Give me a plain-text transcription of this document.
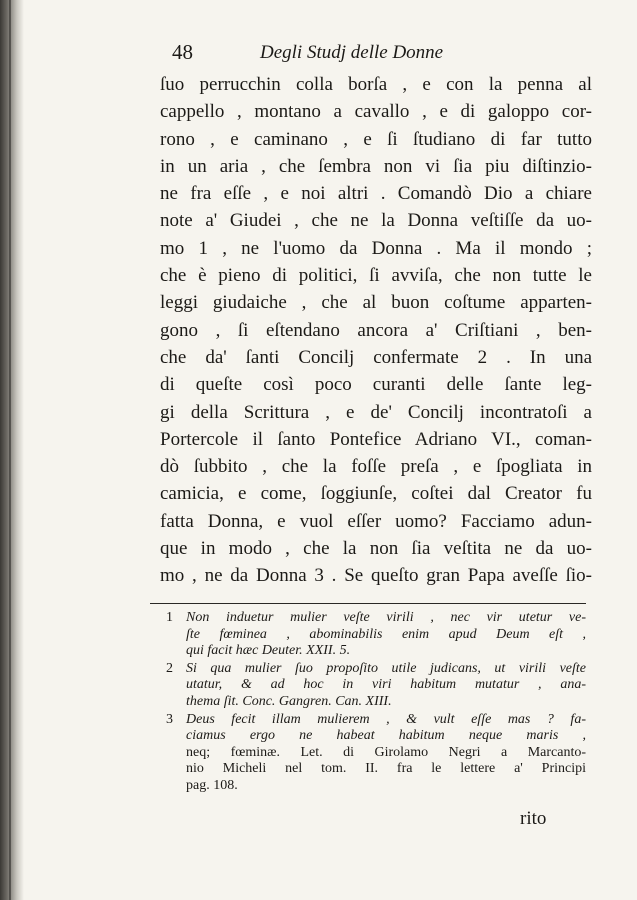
48	Degli Studj delle Donne
ſuo perrucchin colla borſa , e con la penna al
cappello , montano a cavallo , e di galoppo cor-
rono , e caminano , e ſi ſtudiano di far tutto
in un aria , che ſembra non vi ſia piu diſtinzio-
ne fra eſſe , e noi altri . Comandò Dio a chiare
note a' Giudei , che ne la Donna veſtiſſe da uo-
mo 1 , ne l'uomo da Donna . Ma il mondo ;
che è pieno di politici, ſi avviſa, che non tutte le
leggi giudaiche , che al buon coſtume apparten-
gono , ſi eſtendano ancora a' Criſtiani , ben-
che da' ſanti Concilj confermate 2 . In una
di queſte così poco curanti delle ſante leg-
gi della Scrittura , e de' Concilj incontratoſi a
Portercole il ſanto Pontefice Adriano VI., coman-
dò ſubbito , che la foſſe preſa , e ſpogliata in
camicia, e come, ſoggiunſe, coſtei dal Creator fu
fatta Donna, e vuol eſſer uomo? Facciamo adun-
que in modo , che la non ſia veſtita ne da uo-
mo , ne da Donna 3 . Se queſto gran Papa aveſſe ſio-
1 Non induetur mulier veſte virili , nec vir utetur ve-
ſte fœminea , abominabilis enim apud Deum eſt ,
qui facit hæc Deuter. XXII. 5.
2 Si qua mulier ſuo propoſito utile judicans, ut virili veſte
utatur, & ad hoc in viri habitum mutatur , ana-
thema ſit. Conc. Gangren. Can. XIII.
3 Deus fecit illam mulierem , & vult eſſe mas ? fa-
ciamus ergo ne habeat habitum neque maris ,
neq; fœminæ. Let. di Girolamo Negri a Marcanto-
nio Micheli nel tom. II. fra le lettere a' Principi
pag. 108.
rito
